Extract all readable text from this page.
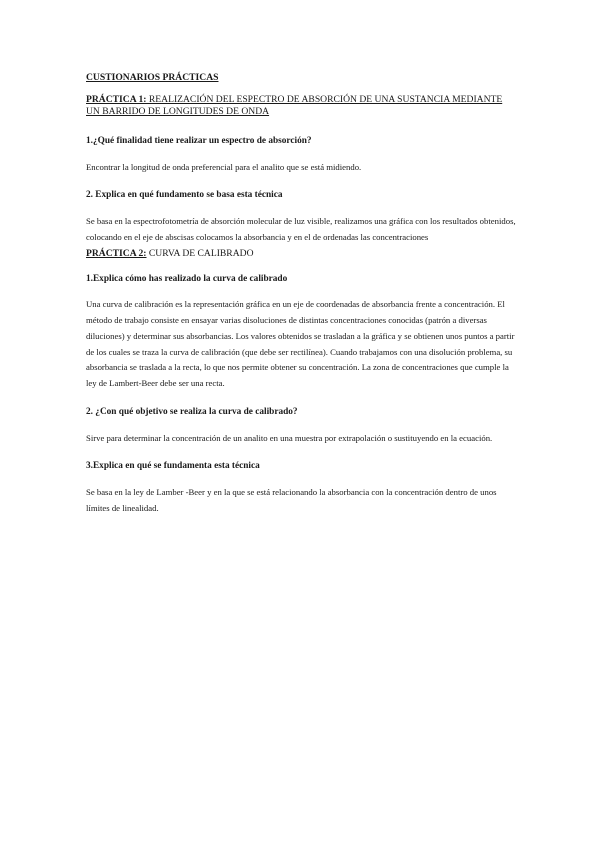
CUSTIONARIOS PRÁCTICAS
PRÁCTICA 1: REALIZACIÓN DEL ESPECTRO DE ABSORCIÓN DE UNA SUSTANCIA MEDIANTE UN BARRIDO DE LONGITUDES DE ONDA
1.¿Qué finalidad tiene realizar un espectro de absorción?
Encontrar la longitud de onda preferencial para el analito que se está midiendo.
2. Explica en qué fundamento se basa esta técnica
Se basa en la espectrofotometría de absorción molecular de luz visible, realizamos una gráfica con los resultados obtenidos, colocando en el eje de abscisas colocamos la absorbancia y en el de ordenadas las concentraciones
PRÁCTICA 2: CURVA DE CALIBRADO
1.Explica cómo has realizado la curva de calibrado
Una curva de calibración es la representación gráfica en un eje de coordenadas de absorbancia frente a concentración. El método de trabajo consiste en ensayar varias disoluciones de distintas concentraciones conocidas (patrón a diversas diluciones) y determinar sus absorbancias. Los valores obtenidos se trasladan a la gráfica y se obtienen unos puntos a partir de los cuales se traza la curva de calibración (que debe ser rectilínea). Cuando trabajamos con una disolución problema, su absorbancia se traslada a la recta, lo que nos permite obtener su concentración. La zona de concentraciones que cumple la ley de Lambert-Beer debe ser una recta.
2. ¿Con qué objetivo se realiza la curva de calibrado?
Sirve para determinar la concentración de un analito en una muestra por extrapolación o sustituyendo en la ecuación.
3.Explica en qué se fundamenta esta técnica
Se basa en la ley de Lamber -Beer y en la que se está relacionando la absorbancia con la concentración dentro de unos límites de linealidad.
